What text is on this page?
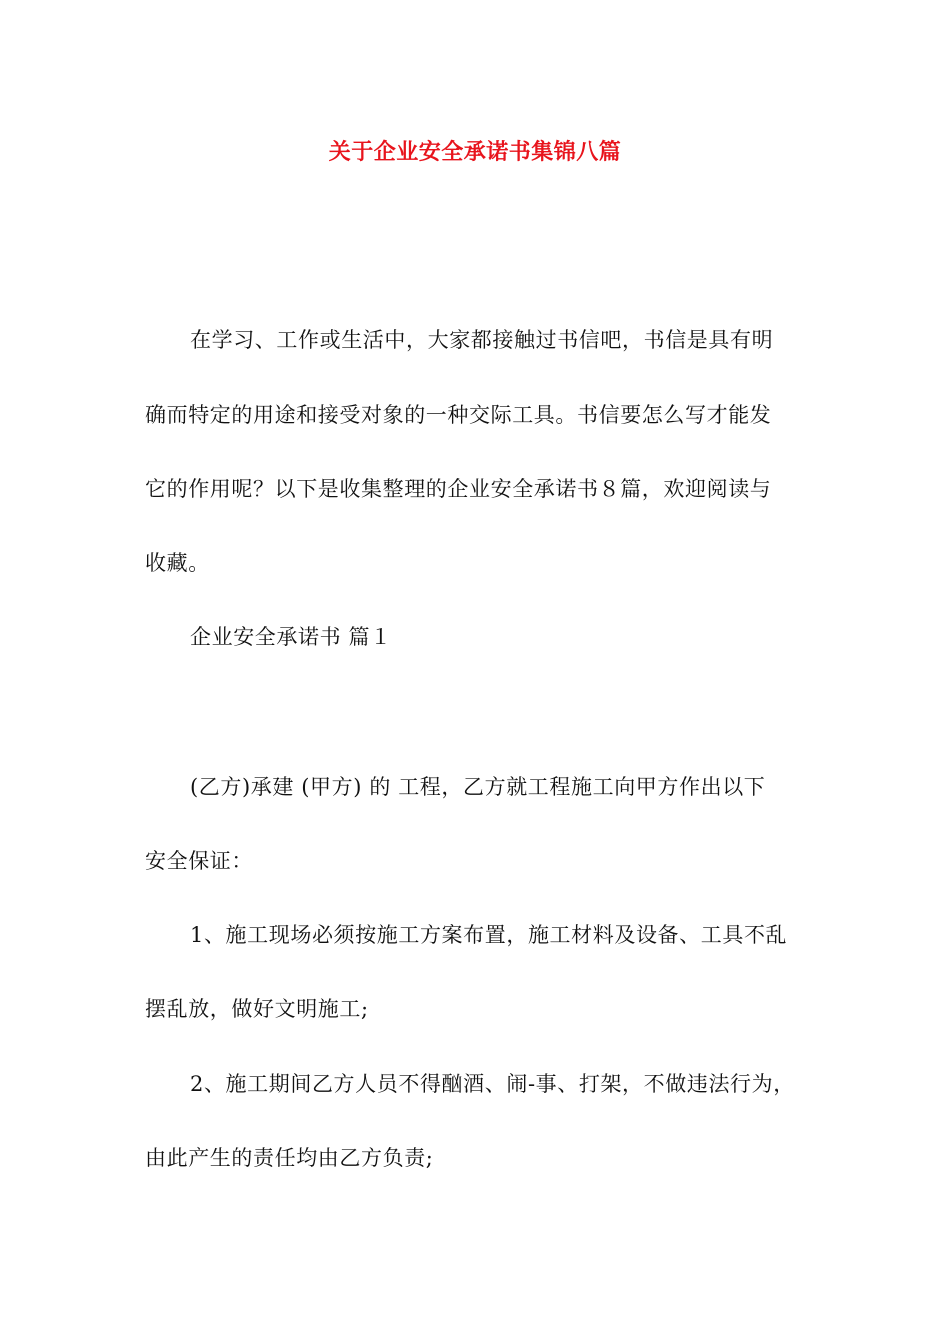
关于企业安全承诺书集锦八篇
在学习、工作或生活中，大家都接触过书信吧，书信是具有明
确而特定的用途和接受对象的一种交际工具。书信要怎么写才能发
它的作用呢？以下是收集整理的企业安全承诺书８篇，欢迎阅读与
收藏。
企业安全承诺书 篇１
(乙方)承建 (甲方) 的 工程，乙方就工程施工向甲方作出以下
安全保证：
1、施工现场必须按施工方案布置，施工材料及设备、工具不乱
摆乱放，做好文明施工;
2、施工期间乙方人员不得酗酒、闹-事、打架，不做违法行为，
由此产生的责任均由乙方负责;
